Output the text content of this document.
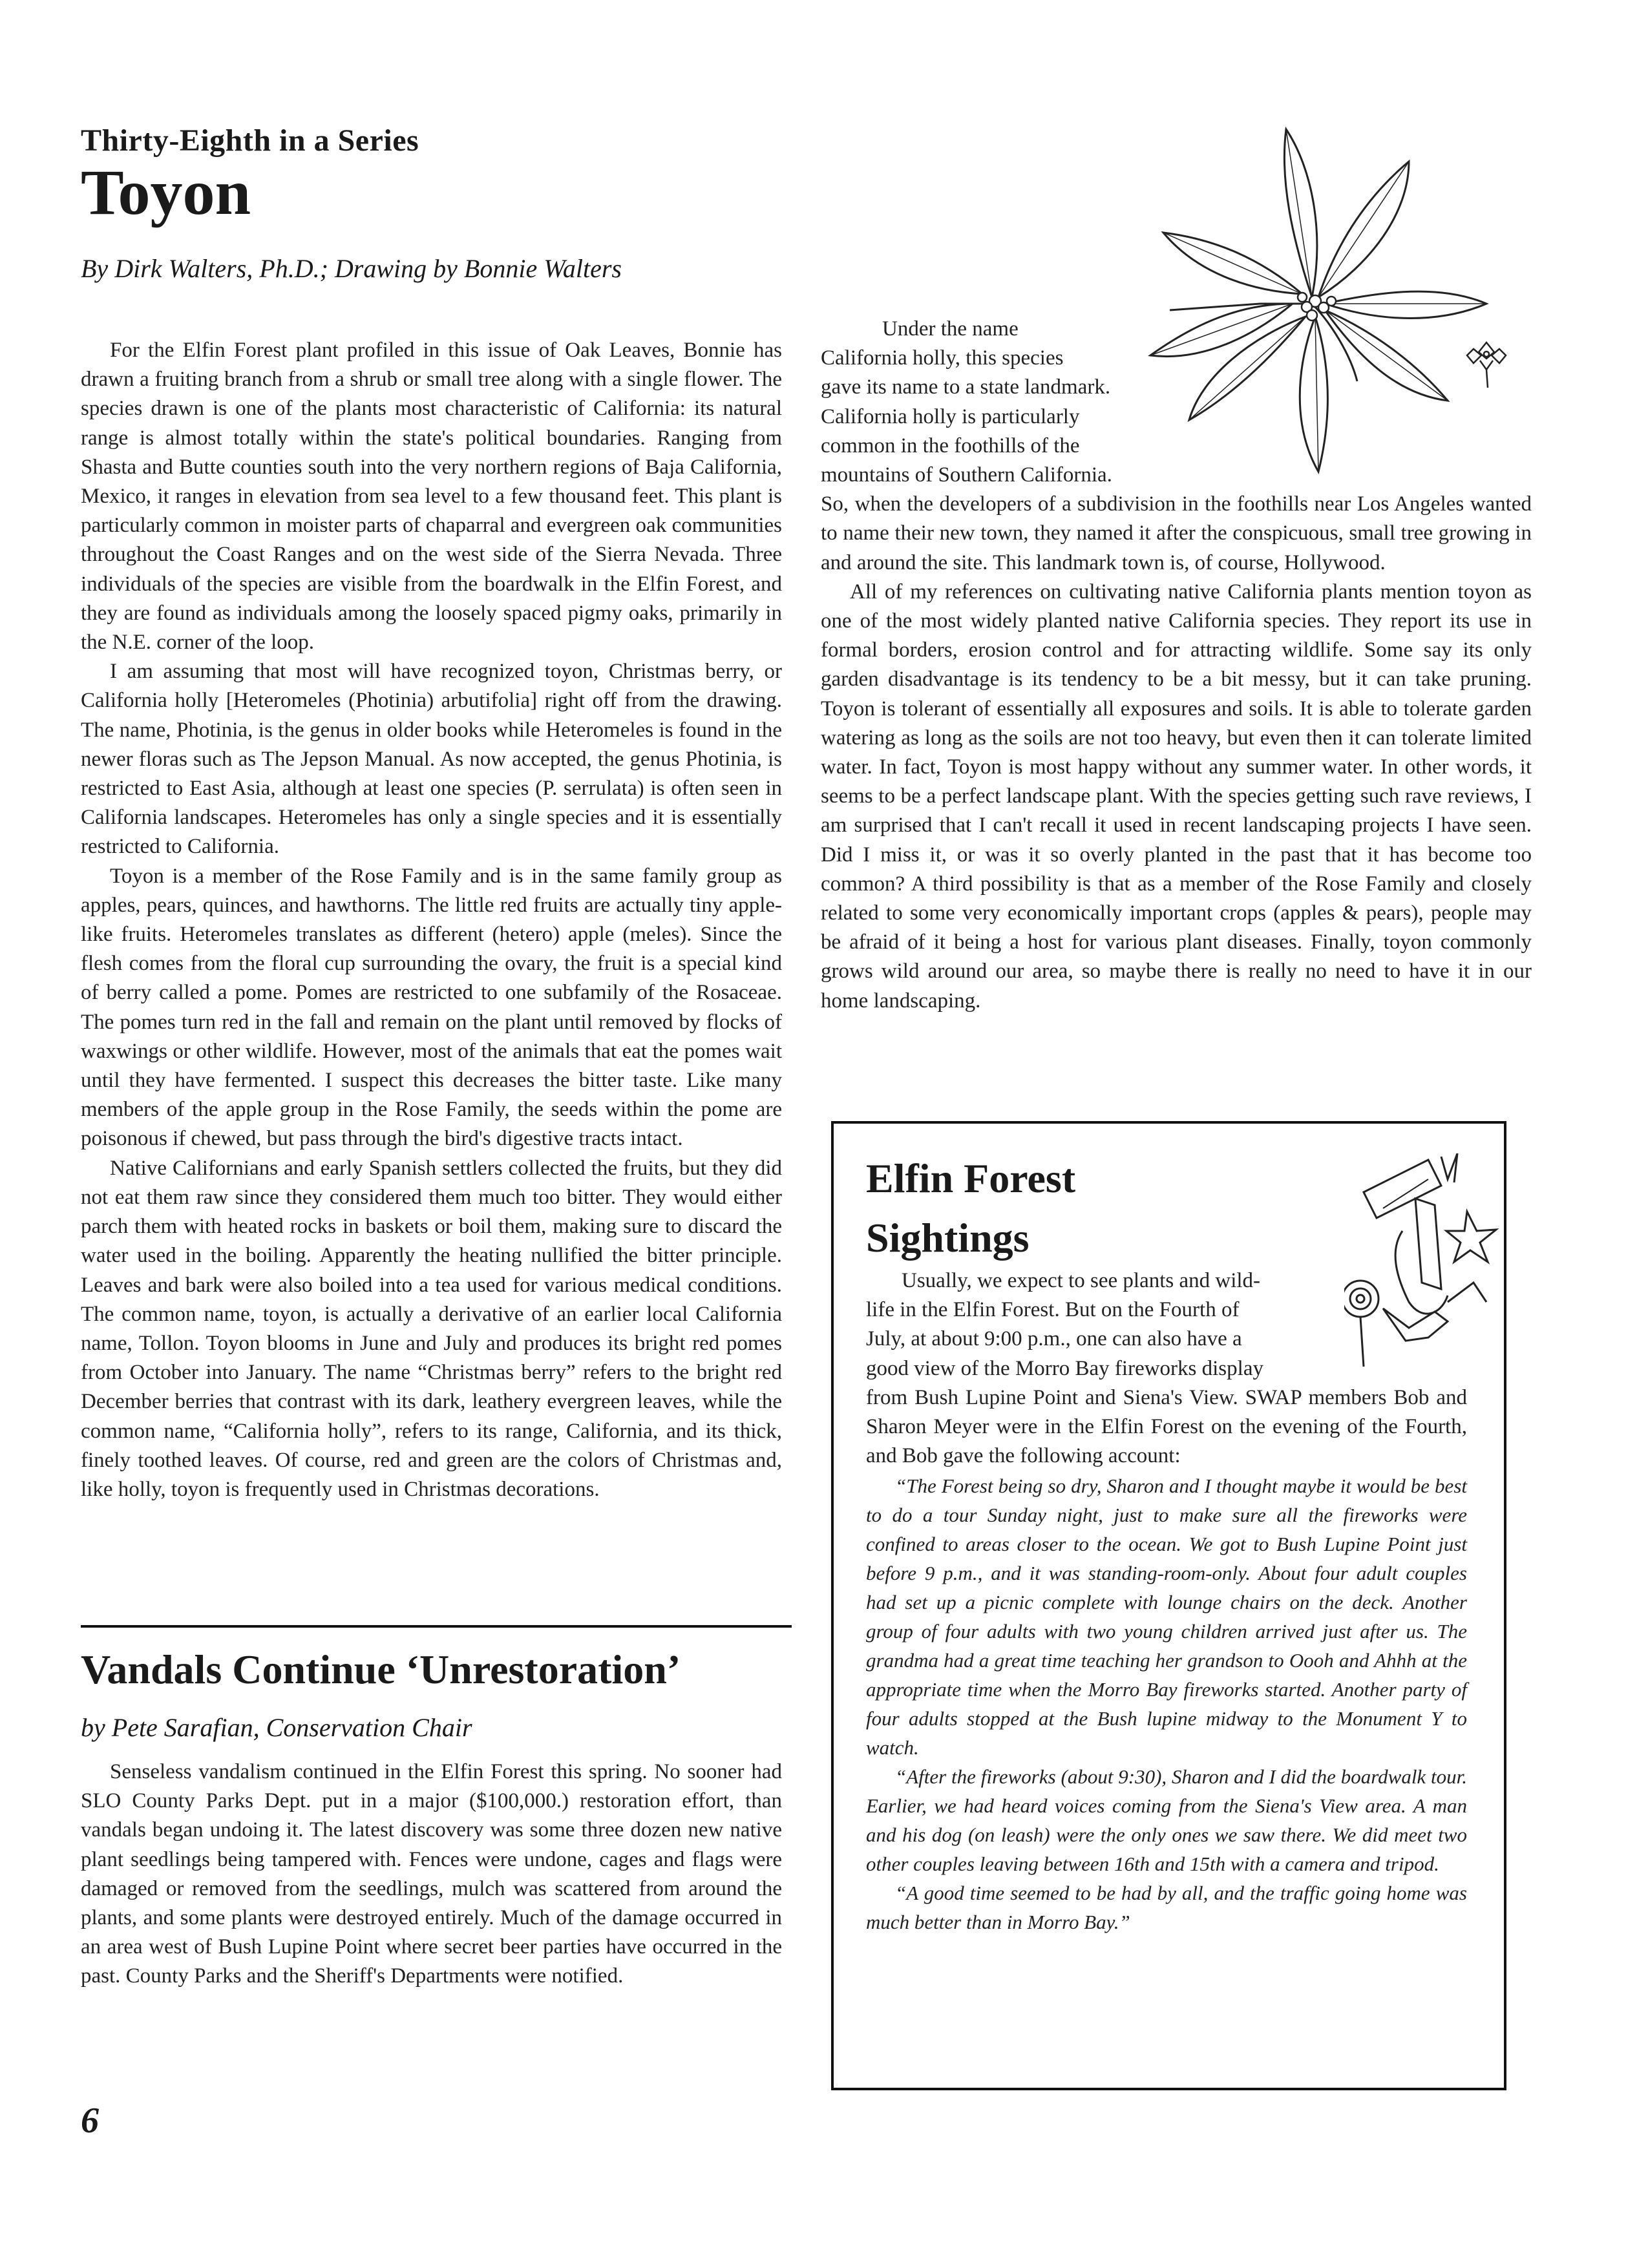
Thirty-Eighth in a Series
Toyon
By Dirk Walters, Ph.D.; Drawing by Bonnie Walters

For the Elfin Forest plant profiled in this issue of Oak Leaves, Bonnie has drawn a fruiting branch from a shrub or small tree along with a single flower. The species drawn is one of the plants most characteristic of California: its natural range is almost totally within the state's political boundaries. Ranging from Shasta and Butte counties south into the very northern regions of Baja California, Mexico, it ranges in elevation from sea level to a few thousand feet. This plant is particularly common in moister parts of chaparral and evergreen oak communities throughout the Coast Ranges and on the west side of the Sierra Nevada. Three individuals of the species are visible from the boardwalk in the Elfin Forest, and they are found as individuals among the loosely spaced pigmy oaks, primarily in the N.E. corner of the loop.

I am assuming that most will have recognized toyon, Christmas berry, or California holly [Heteromeles (Photinia) arbutifolia] right off from the drawing. The name, Photinia, is the genus in older books while Heteromeles is found in the newer floras such as The Jepson Manual. As now accepted, the genus Photinia, is restricted to East Asia, although at least one species (P. serrulata) is often seen in California landscapes. Heteromeles has only a single species and it is essentially restricted to California.

Toyon is a member of the Rose Family and is in the same family group as apples, pears, quinces, and hawthorns. The little red fruits are actually tiny apple-like fruits. Heteromeles translates as different (hetero) apple (meles). Since the flesh comes from the floral cup surrounding the ovary, the fruit is a special kind of berry called a pome. Pomes are restricted to one subfamily of the Rosaceae. The pomes turn red in the fall and remain on the plant until removed by flocks of waxwings or other wildlife. However, most of the animals that eat the pomes wait until they have fermented. I suspect this decreases the bitter taste. Like many members of the apple group in the Rose Family, the seeds within the pome are poisonous if chewed, but pass through the bird's digestive tracts intact.

Native Californians and early Spanish settlers collected the fruits, but they did not eat them raw since they considered them much too bitter. They would either parch them with heated rocks in baskets or boil them, making sure to discard the water used in the boiling. Apparently the heating nullified the bitter principle. Leaves and bark were also boiled into a tea used for various medical conditions. The common name, toyon, is actually a derivative of an earlier local California name, Tollon. Toyon blooms in June and July and produces its bright red pomes from October into January. The name “Christmas berry” refers to the bright red December berries that contrast with its dark, leathery evergreen leaves, while the common name, “California holly”, refers to its range, California, and its thick, finely toothed leaves. Of course, red and green are the colors of Christmas and, like holly, toyon is frequently used in Christmas decorations.

Under the name
California holly, this species
gave its name to a state landmark.
California holly is particularly
common in the foothills of the
mountains of Southern California.

So, when the developers of a subdivision in the foothills near Los Angeles wanted to name their new town, they named it after the conspicuous, small tree growing in and around the site. This landmark town is, of course, Hollywood.

All of my references on cultivating native California plants mention toyon as one of the most widely planted native California species. They report its use in formal borders, erosion control and for attracting wildlife. Some say its only garden disadvantage is its tendency to be a bit messy, but it can take pruning. Toyon is tolerant of essentially all exposures and soils. It is able to tolerate garden watering as long as the soils are not too heavy, but even then it can tolerate limited water. In fact, Toyon is most happy without any summer water. In other words, it seems to be a perfect landscape plant. With the species getting such rave reviews, I am surprised that I can't recall it used in recent landscaping projects I have seen. Did I miss it, or was it so overly planted in the past that it has become too common? A third possibility is that as a member of the Rose Family and closely related to some very economically important crops (apples & pears), people may be afraid of it being a host for various plant diseases. Finally, toyon commonly grows wild around our area, so maybe there is really no need to have it in our home landscaping.

Vandals Continue ‘Unrestoration’
by Pete Sarafian, Conservation Chair

Senseless vandalism continued in the Elfin Forest this spring. No sooner had SLO County Parks Dept. put in a major ($100,000.) restoration effort, than vandals began undoing it. The latest discovery was some three dozen new native plant seedlings being tampered with. Fences were undone, cages and flags were damaged or removed from the seedlings, mulch was scattered from around the plants, and some plants were destroyed entirely. Much of the damage occurred in an area west of Bush Lupine Point where secret beer parties have occurred in the past. County Parks and the Sheriff's Departments were notified.

Elfin Forest
Sightings
Usually, we expect to see plants and wild-
life in the Elfin Forest. But on the Fourth of
July, at about 9:00 p.m., one can also have a
good view of the Morro Bay fireworks display

from Bush Lupine Point and Siena's View. SWAP members Bob and Sharon Meyer were in the Elfin Forest on the evening of the Fourth, and Bob gave the following account:

“The Forest being so dry, Sharon and I thought maybe it would be best to do a tour Sunday night, just to make sure all the fireworks were confined to areas closer to the ocean. We got to Bush Lupine Point just before 9 p.m., and it was standing-room-only. About four adult couples had set up a picnic complete with lounge chairs on the deck. Another group of four adults with two young children arrived just after us. The grandma had a great time teaching her grandson to Oooh and Ahhh at the appropriate time when the Morro Bay fireworks started. Another party of four adults stopped at the Bush lupine midway to the Monument Y to watch.

“After the fireworks (about 9:30), Sharon and I did the boardwalk tour. Earlier, we had heard voices coming from the Siena's View area. A man and his dog (on leash) were the only ones we saw there. We did meet two other couples leaving between 16th and 15th with a camera and tripod.

“A good time seemed to be had by all, and the traffic going home was much better than in Morro Bay.”

6
